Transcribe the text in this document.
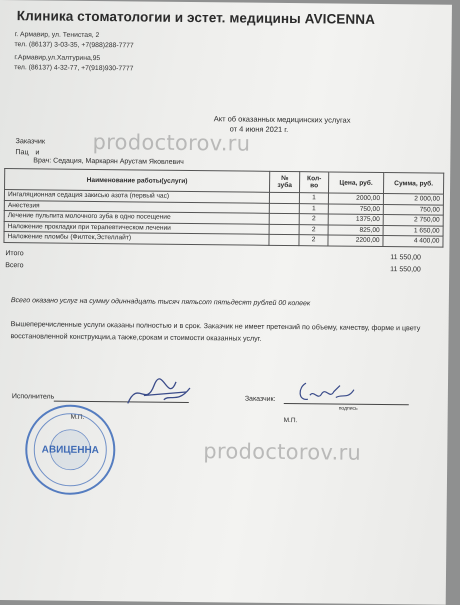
Клиника стоматологии и эстет. медицины AVICENNA
г. Армавир, ул. Тенистая, 2
тел. (86137) 3-03-35, +7(988)288-7777
г.Армавир,ул.Халтурина,95
тел. (86137) 4-32-77, +7(918)930-7777
Акт об оказанных медицинских услугах
от 4 июня 2021 г.
Заказчик
Пац и
Врач: Седация, Маркарян Арустам Яковлевич
Наименование работы(услуги)	№ зуба	Кол-во	Цена, руб.	Сумма, руб.
Ингаляционная седация закисью азота (первый час)		1	2000,00	2 000,00
Анестезия		1	750,00	750,00
Лечение пульпита молочного зуба в одно посещение		2	1375,00	2 750,00
Наложение прокладки при терапевтическом лечении		2	825,00	1 650,00
Наложение пломбы (Филтек,Эстеллайт)		2	2200,00	4 400,00
Итого
11 550,00
Всего
11 550,00
Всего оказано услуг на сумму одиннадцать тысяч пятьсот пятьдесят рублей 00 копеек
Вышеперечисленные услуги оказаны полностью и в срок. Заказчик не имеет претензий по объему, качеству, форме и цвету восстановленной конструкции,а также,срокам и стоимости оказанных услуг.
Исполнитель	Заказчик:
подпись
М.П.	М.П.
АВИЦЕННА
prodoctorov.ru
prodoctorov.ru
